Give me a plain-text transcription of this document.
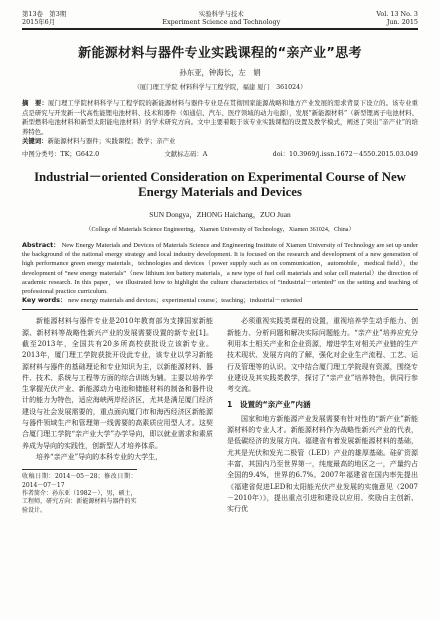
第13卷　第3期
2015年6月
实验科学与技术
Experiment Science and Technology
Vol. 13 No. 3
Jun. 2015
新能源材料与器件专业实践课程的“亲产业”思考
孙东亚，钟海长，左　娟
（厦门理工学院 材料科学与工程学院，福建 厦门　361024）
摘　要：厦门理工学院材料科学与工程学院的新能源材料与器件专业是在贯彻国家能源战略和地方产业发展的需求背景下设立的。该专业重点是研究与开发新一代高性能锂电池材料、技术和器件（如通信、汽车、医疗领域的动力电源），发展“新能源材料”（新型锂离子电池材料、新型燃料电池材料和新型太阳能电池材料）的学术研究方向。文中主要着眼于该专业实践课程的设置及教学模式，阐述了突出“亲产业”的培养特色。
关键词：新能源材料与器件；实践课程；教学；亲产业
中图分类号：TK；G642.0	文献标志码：A	doi：10.3969/j.issn.1672－4550.2015.03.049
Industrial－oriented Consideration on Experimental Course of New Energy Materials and Devices
SUN Dongya，ZHONG Haichang，ZUO Juan
（College of Materials Science Engineering，Xiamen University of Technology，Xiamen 361024，China）
Abstract： New Energy Materials and Devices of Materials Science and Engineering Institute of Xiamen University of Technology are set up under the background of the national energy strategy and local industry development. It is focused on the research and development of a new generation of high performance green energy materials，technologies and devices（power supply such as on communication，automobile，medical field），the development of “new energy materials”（new lithium ion battery materials，a new type of fuel cell materials and solar cell material）the direction of academic research. In this paper，we illustrated how to highlight the culture characteristics of “industrial－oriented” on the setting and teaching of professional practice curriculum.
Key words： new energy materials and devices；experimental course；teaching；industrial－oriented

新能源材料与器件专业是2010年教育部为支撑国家新能源、新材料等战略性新兴产业的发展需要设置的新专业[1]。截至2013年，全国共有20多所高校获批设立该新专业。2013年，厦门理工学院获批开设此专业，该专业以学习新能源材料与器件的基础理论和专业知识为主，以新能源材料、器件、技术、系统与工程等方面的综合训练为辅。主要以培养学生掌握光伏产业、新能源动力电池和储能材料的制备和器件设计的能力为特色，适应海峡两岸经济区，尤其是满足厦门经济建设与社会发展需要的，重点面向厦门市和海西经济区新能源与器件领域生产和管理第一线需要的高素质应用型人才。这契合厦门理工学院“亲产业大学”办学导向，即以就业需求和素质养成为导向的实践性，创新型人才培养体系。

培养“亲产业”导向的本科专业的大学生，

收稿日期：2014－05－28；修改日期：2014－07－17
作者简介：孙东亚（1982－），男，硕士，工程师，研究方向：新能源材料与器件的实验设计。

必须重视实践类课程的设置，重视培养学生动手能力、创新能力、分析问题和解决实际问题能力。“亲产业”培养应充分利用本土相关产业和企业资源，增进学生对相关产业链的生产技术现状、发展方向的了解，强化对企业生产流程、工艺、运行及管理等的认识。文中结合厦门理工学院现有资源，围绕专业建设及其实践类教学，探讨了“亲产业”培养特色，供同行参考交流。

1　设置的“亲产业”内涵

国家和地方新能源产业发展需要有针对性的“新产业”新能源材料的专业人才。新能源材料作为战略性新兴产业的代表，是低碳经济的发展方向。福建省有着发展新能源材料的基础，尤其是光伏和发光二极管（LED）产业的雄厚基础。硅矿资源丰富，其国内乃至世界第一，纯度最高的地区之一，产量约占全国的9.4%，世界的6.7%。2007年福建省在国内率先提出《福建省促进LED和太阳能光伏产业发展的实施意见（2007－2010年）》，提出重点引进和建设以应用、奖励自主创新、实行优
